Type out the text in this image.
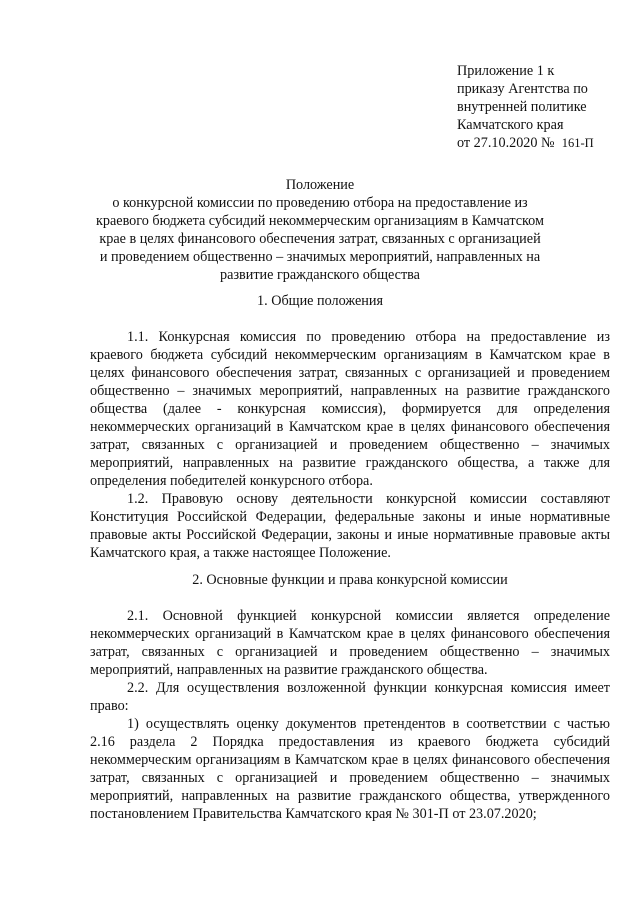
Приложение 1 к
приказу Агентства по
внутренней политике
Камчатского края
от 27.10.2020 № 161-П
Положение
о конкурсной комиссии по проведению отбора на предоставление из краевого бюджета субсидий некоммерческим организациям в Камчатском крае в целях финансового обеспечения затрат, связанных с организацией и проведением общественно – значимых мероприятий, направленных на развитие гражданского общества
1. Общие положения

1.1. Конкурсная комиссия по проведению отбора на предоставление из краевого бюджета субсидий некоммерческим организациям в Камчатском крае в целях финансового обеспечения затрат, связанных с организацией и проведением общественно – значимых мероприятий, направленных на развитие гражданского общества (далее - конкурсная комиссия), формируется для определения некоммерческих организаций в Камчатском крае в целях финансового обеспечения затрат, связанных с организацией и проведением общественно – значимых мероприятий, направленных на развитие гражданского общества, а также для определения победителей конкурсного отбора.

1.2. Правовую основу деятельности конкурсной комиссии составляют Конституция Российской Федерации, федеральные законы и иные нормативные правовые акты Российской Федерации, законы и иные нормативные правовые акты Камчатского края, а также настоящее Положение.

2. Основные функции и права конкурсной комиссии

2.1. Основной функцией конкурсной комиссии является определение некоммерческих организаций в Камчатском крае в целях финансового обеспечения затрат, связанных с организацией и проведением общественно – значимых мероприятий, направленных на развитие гражданского общества.

2.2. Для осуществления возложенной функции конкурсная комиссия имеет право:

1) осуществлять оценку документов претендентов в соответствии с частью 2.16 раздела 2 Порядка предоставления из краевого бюджета субсидий некоммерческим организациям в Камчатском крае в целях финансового обеспечения затрат, связанных с организацией и проведением общественно – значимых мероприятий, направленных на развитие гражданского общества, утвержденного постановлением Правительства Камчатского края № 301-П от 23.07.2020;
